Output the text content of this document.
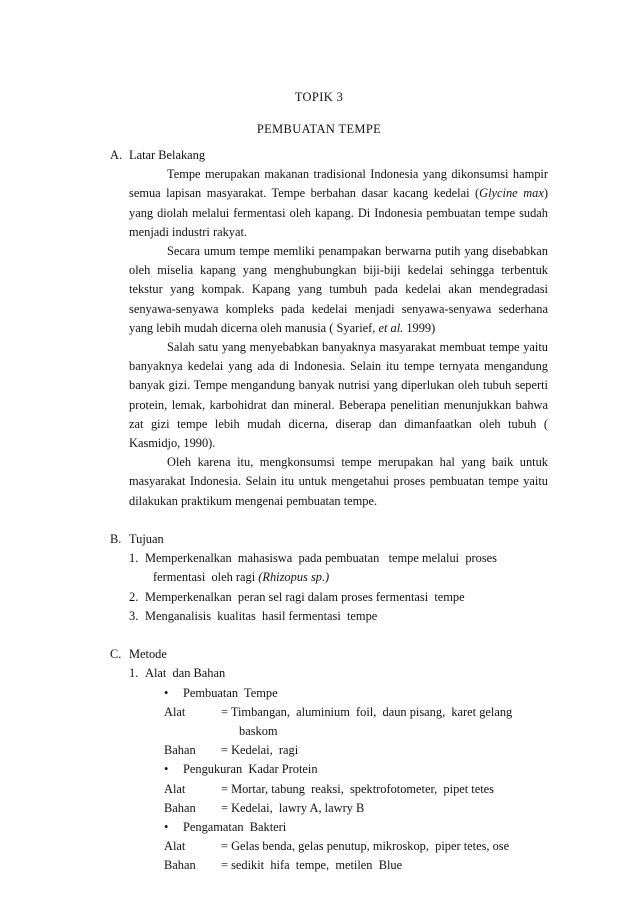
TOPIK 3
PEMBUATAN TEMPE
A. Latar Belakang
Tempe merupakan makanan tradisional Indonesia yang dikonsumsi hampir semua lapisan masyarakat. Tempe berbahan dasar kacang kedelai (Glycine max) yang diolah melalui fermentasi oleh kapang. Di Indonesia pembuatan tempe sudah menjadi industri rakyat.
Secara umum tempe memliki penampakan berwarna putih yang disebabkan oleh miselia kapang yang menghubungkan biji-biji kedelai sehingga terbentuk tekstur yang kompak. Kapang yang tumbuh pada kedelai akan mendegradasi senyawa-senyawa kompleks pada kedelai menjadi senyawa-senyawa sederhana yang lebih mudah dicerna oleh manusia ( Syarief, et al. 1999)
Salah satu yang menyebabkan banyaknya masyarakat membuat tempe yaitu banyaknya kedelai yang ada di Indonesia. Selain itu tempe ternyata mengandung banyak gizi. Tempe mengandung banyak nutrisi yang diperlukan oleh tubuh seperti protein, lemak, karbohidrat dan mineral. Beberapa penelitian menunjukkan bahwa zat gizi tempe lebih mudah dicerna, diserap dan dimanfaatkan oleh tubuh ( Kasmidjo, 1990).
Oleh karena itu, mengkonsumsi tempe merupakan hal yang baik untuk masyarakat Indonesia. Selain itu untuk mengetahui proses pembuatan tempe yaitu dilakukan praktikum mengenai pembuatan tempe.
B. Tujuan
1. Memperkenalkan  mahasiswa  pada pembuatan   tempe melalui  proses
fermentasi  oleh ragi (Rhizopus sp.)
2. Memperkenalkan  peran sel ragi dalam proses fermentasi  tempe
3. Menganalisis  kualitas  hasil fermentasi  tempe
C. Metode
1. Alat  dan Bahan
•	Pembuatan  Tempe
Alat	= Timbangan,  aluminium  foil,  daun pisang,  karet gelang
baskom
Bahan	= Kedelai,  ragi
•	Pengukuran  Kadar Protein
Alat	= Mortar, tabung  reaksi,  spektrofotometer,  pipet tetes
Bahan	= Kedelai,  lawry A, lawry B
•	Pengamatan  Bakteri
Alat	= Gelas benda, gelas penutup, mikroskop,  piper tetes, ose
Bahan	= sedikit  hifa  tempe,  metilen  Blue
